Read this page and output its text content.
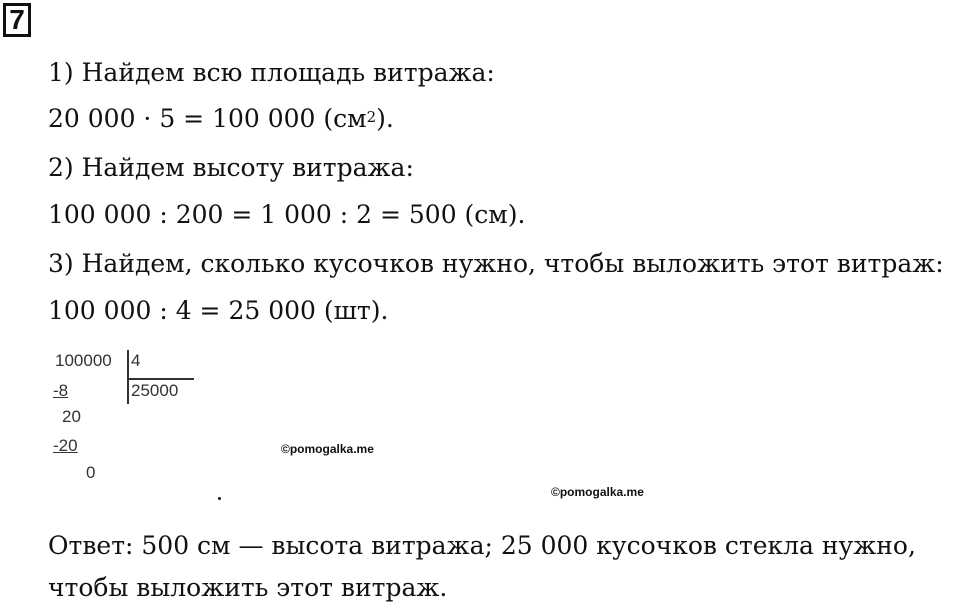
7
1) Найдем всю площадь витража:
20 000 · 5 = 100 000 $(см^2)$.
2) Найдем высоту витража:
100 000 : 200 = 1 000 : 2 = 500 (см).
3) Найдем, сколько кусочков нужно, чтобы выложить этот витраж:
100 000 : 4 = 25 000 (шт).
100000 4
25000
-8
20
-20
0
©pomogalka.me
©pomogalka.me
Ответ: 500 см — высота витража; 25 000 кусочков стекла нужно,
чтобы выложить этот витраж.
